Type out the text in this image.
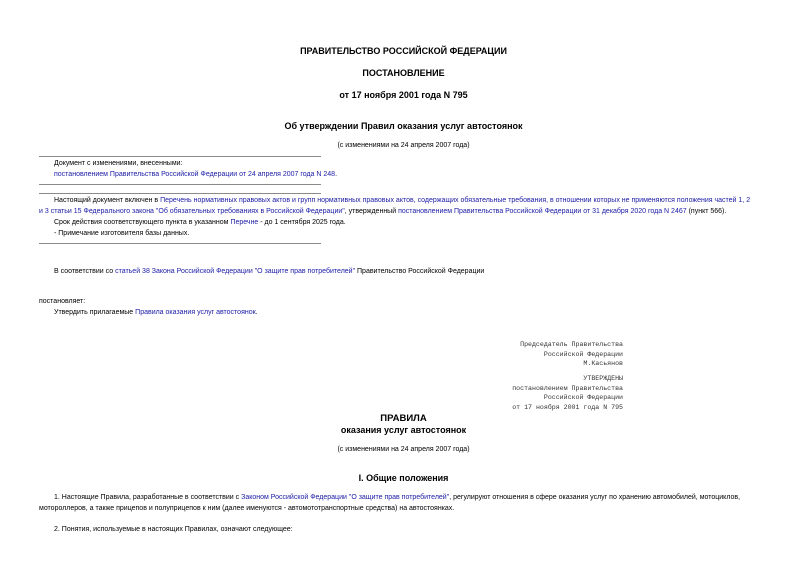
ПРАВИТЕЛЬСТВО РОССИЙСКОЙ ФЕДЕРАЦИИ
ПОСТАНОВЛЕНИЕ
от 17 ноября 2001 года N 795
Об утверждении Правил оказания услуг автостоянок
(с изменениями на 24 апреля 2007 года)
Документ с изменениями, внесенными:
постановлением Правительства Российской Федерации от 24 апреля 2007 года N 248.
Настоящий документ включен в Перечень нормативных правовых актов и групп нормативных правовых актов, содержащих обязательные требования, в отношении которых не применяются положения частей 1, 2
и 3 статьи 15 Федерального закона "Об обязательных требованиях в Российской Федерации", утвержденный постановлением Правительства Российской Федерации от 31 декабря 2020 года N 2467 (пункт 566).
Срок действия соответствующего пункта в указанном Перечне - до 1 сентября 2025 года.
- Примечание изготовителя базы данных.
В соответствии со статьей 38 Закона Российской Федерации "О защите прав потребителей" Правительство Российской Федерации
постановляет:
Утвердить прилагаемые Правила оказания услуг автостоянок.
Председатель Правительства
Российской Федерации
М.Касьянов
УТВЕРЖДЕНЫ
постановлением Правительства
Российской Федерации
от 17 ноября 2001 года N 795
ПРАВИЛА
оказания услуг автостоянок
(с изменениями на 24 апреля 2007 года)
I. Общие положения
1. Настоящие Правила, разработанные в соответствии с Законом Российской Федерации "О защите прав потребителей", регулируют отношения в сфере оказания услуг по хранению автомобилей, мотоциклов,
мотороллеров, а также прицепов и полуприцепов к ним (далее именуются - автомототранспортные средства) на автостоянках.
2. Понятия, используемые в настоящих Правилах, означают следующее:
